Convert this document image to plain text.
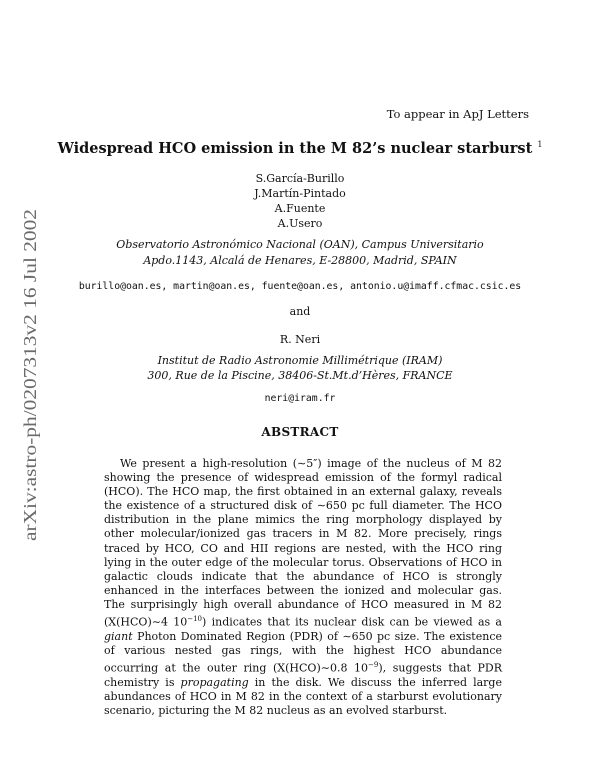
To appear in ApJ Letters
Widespread HCO emission in the M 82’s nuclear starburst $^1$
S.García-Burillo
J.Martín-Pintado
A.Fuente
A.Usero
Observatorio Astronómico Nacional (OAN), Campus Universitario
Apdo.1143, Alcalá de Henares, E-28800, Madrid, SPAIN
burillo@oan.es, martin@oan.es, fuente@oan.es, antonio.u@imaff.cfmac.csic.es
and
R. Neri
Institut de Radio Astronomie Millimétrique (IRAM)
300, Rue de la Piscine, 38406-St.Mt.d’Hères, FRANCE
neri@iram.fr
ABSTRACT
We present a high-resolution (∼5″) image of the nucleus of M 82 showing the presence of widespread emission of the formyl radical (HCO). The HCO map, the first obtained in an external galaxy, reveals the existence of a structured disk of ∼650 pc full diameter. The HCO distribution in the plane mimics the ring morphology displayed by other molecular/ionized gas tracers in M 82. More precisely, rings traced by HCO, CO and HII regions are nested, with the HCO ring lying in the outer edge of the molecular torus. Observations of HCO in galactic clouds indicate that the abundance of HCO is strongly enhanced in the interfaces between the ionized and molecular gas. The surprisingly high overall abundance of HCO measured in M 82 (X(HCO)∼4 $10^{-10}$) indicates that its nuclear disk can be viewed as a giant Photon Dominated Region (PDR) of ∼650 pc size. The existence of various nested gas rings, with the highest HCO abundance occurring at the outer ring (X(HCO)∼0.8 $10^{-9}$), suggests that PDR chemistry is propagating in the disk. We discuss the inferred large abundances of HCO in M 82 in the context of a starburst evolutionary scenario, picturing the M 82 nucleus as an evolved starburst.
arXiv:astro-ph/0207313v2 16 Jul 2002
